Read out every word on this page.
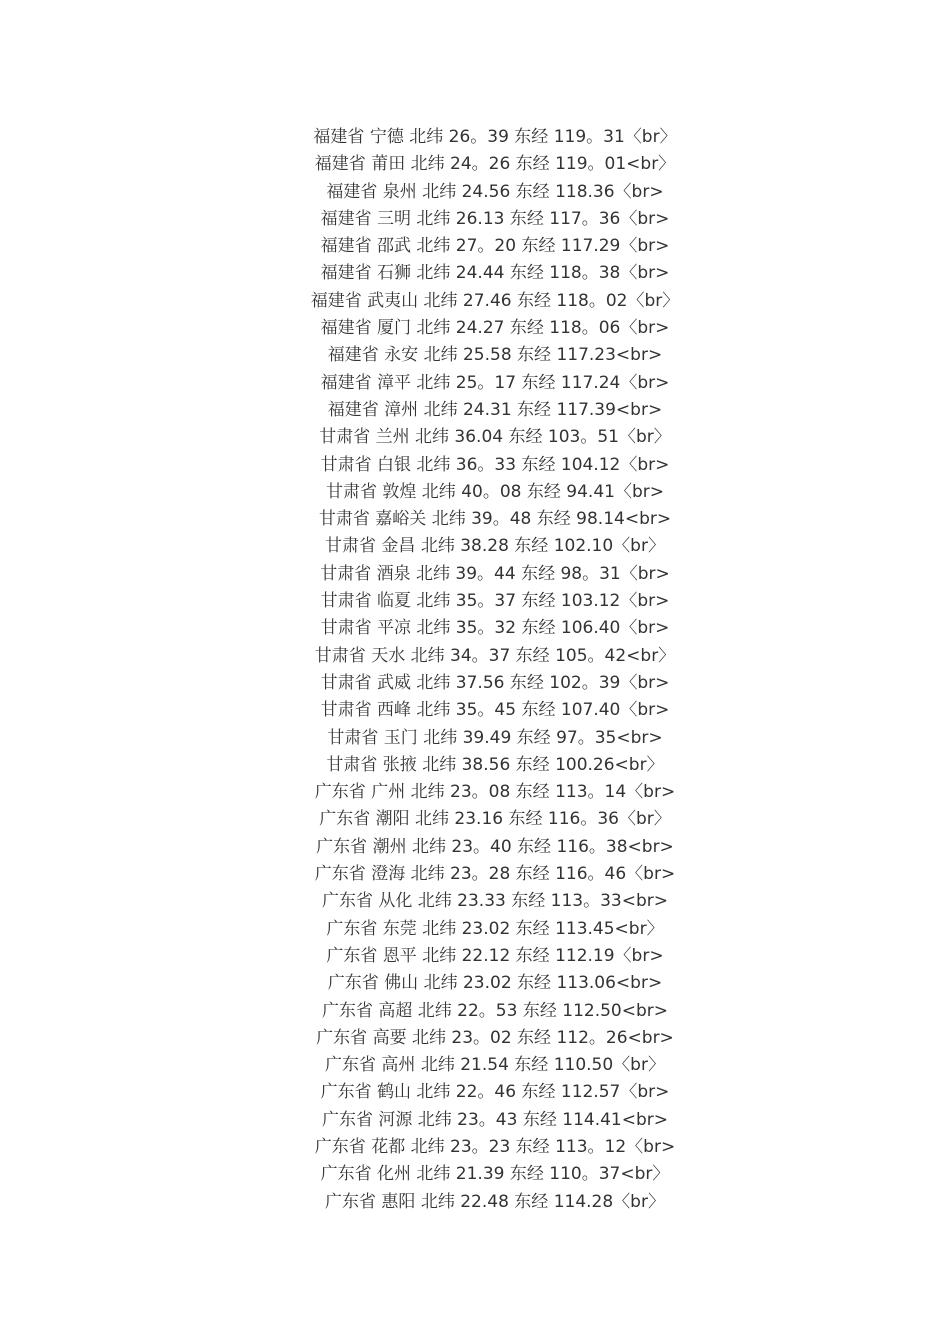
福建省 宁德 北纬 26。39 东经 119。31〈br〉
福建省 莆田 北纬 24。26 东经 119。01<br〉
福建省 泉州 北纬 24.56 东经 118.36〈br>
福建省 三明 北纬 26.13 东经 117。36〈br>
福建省 邵武 北纬 27。20 东经 117.29〈br>
福建省 石狮 北纬 24.44 东经 118。38〈br>
福建省 武夷山 北纬 27.46 东经 118。02〈br〉
福建省 厦门 北纬 24.27 东经 118。06〈br>
福建省 永安 北纬 25.58 东经 117.23<br>
福建省 漳平 北纬 25。17 东经 117.24〈br>
福建省 漳州 北纬 24.31 东经 117.39<br>
甘肃省 兰州 北纬 36.04 东经 103。51〈br〉
甘肃省 白银 北纬 36。33 东经 104.12〈br>
甘肃省 敦煌 北纬 40。08 东经 94.41〈br>
甘肃省 嘉峪关 北纬 39。48 东经 98.14<br>
甘肃省 金昌 北纬 38.28 东经 102.10〈br〉
甘肃省 酒泉 北纬 39。44 东经 98。31〈br>
甘肃省 临夏 北纬 35。37 东经 103.12〈br>
甘肃省 平凉 北纬 35。32 东经 106.40〈br>
甘肃省 天水 北纬 34。37 东经 105。42<br〉
甘肃省 武威 北纬 37.56 东经 102。39〈br>
甘肃省 西峰 北纬 35。45 东经 107.40〈br>
甘肃省 玉门 北纬 39.49 东经 97。35<br>
甘肃省 张掖 北纬 38.56 东经 100.26<br〉
广东省 广州 北纬 23。08 东经 113。14〈br>
广东省 潮阳 北纬 23.16 东经 116。36〈br〉
广东省 潮州 北纬 23。40 东经 116。38<br>
广东省 澄海 北纬 23。28 东经 116。46〈br>
广东省 从化 北纬 23.33 东经 113。33<br>
广东省 东莞 北纬 23.02 东经 113.45<br〉
广东省 恩平 北纬 22.12 东经 112.19〈br>
广东省 佛山 北纬 23.02 东经 113.06<br>
广东省 高超 北纬 22。53 东经 112.50<br>
广东省 高要 北纬 23。02 东经 112。26<br>
广东省 高州 北纬 21.54 东经 110.50〈br〉
广东省 鹤山 北纬 22。46 东经 112.57〈br>
广东省 河源 北纬 23。43 东经 114.41<br>
广东省 花都 北纬 23。23 东经 113。12〈br>
广东省 化州 北纬 21.39 东经 110。37<br〉
广东省 惠阳 北纬 22.48 东经 114.28〈br〉
